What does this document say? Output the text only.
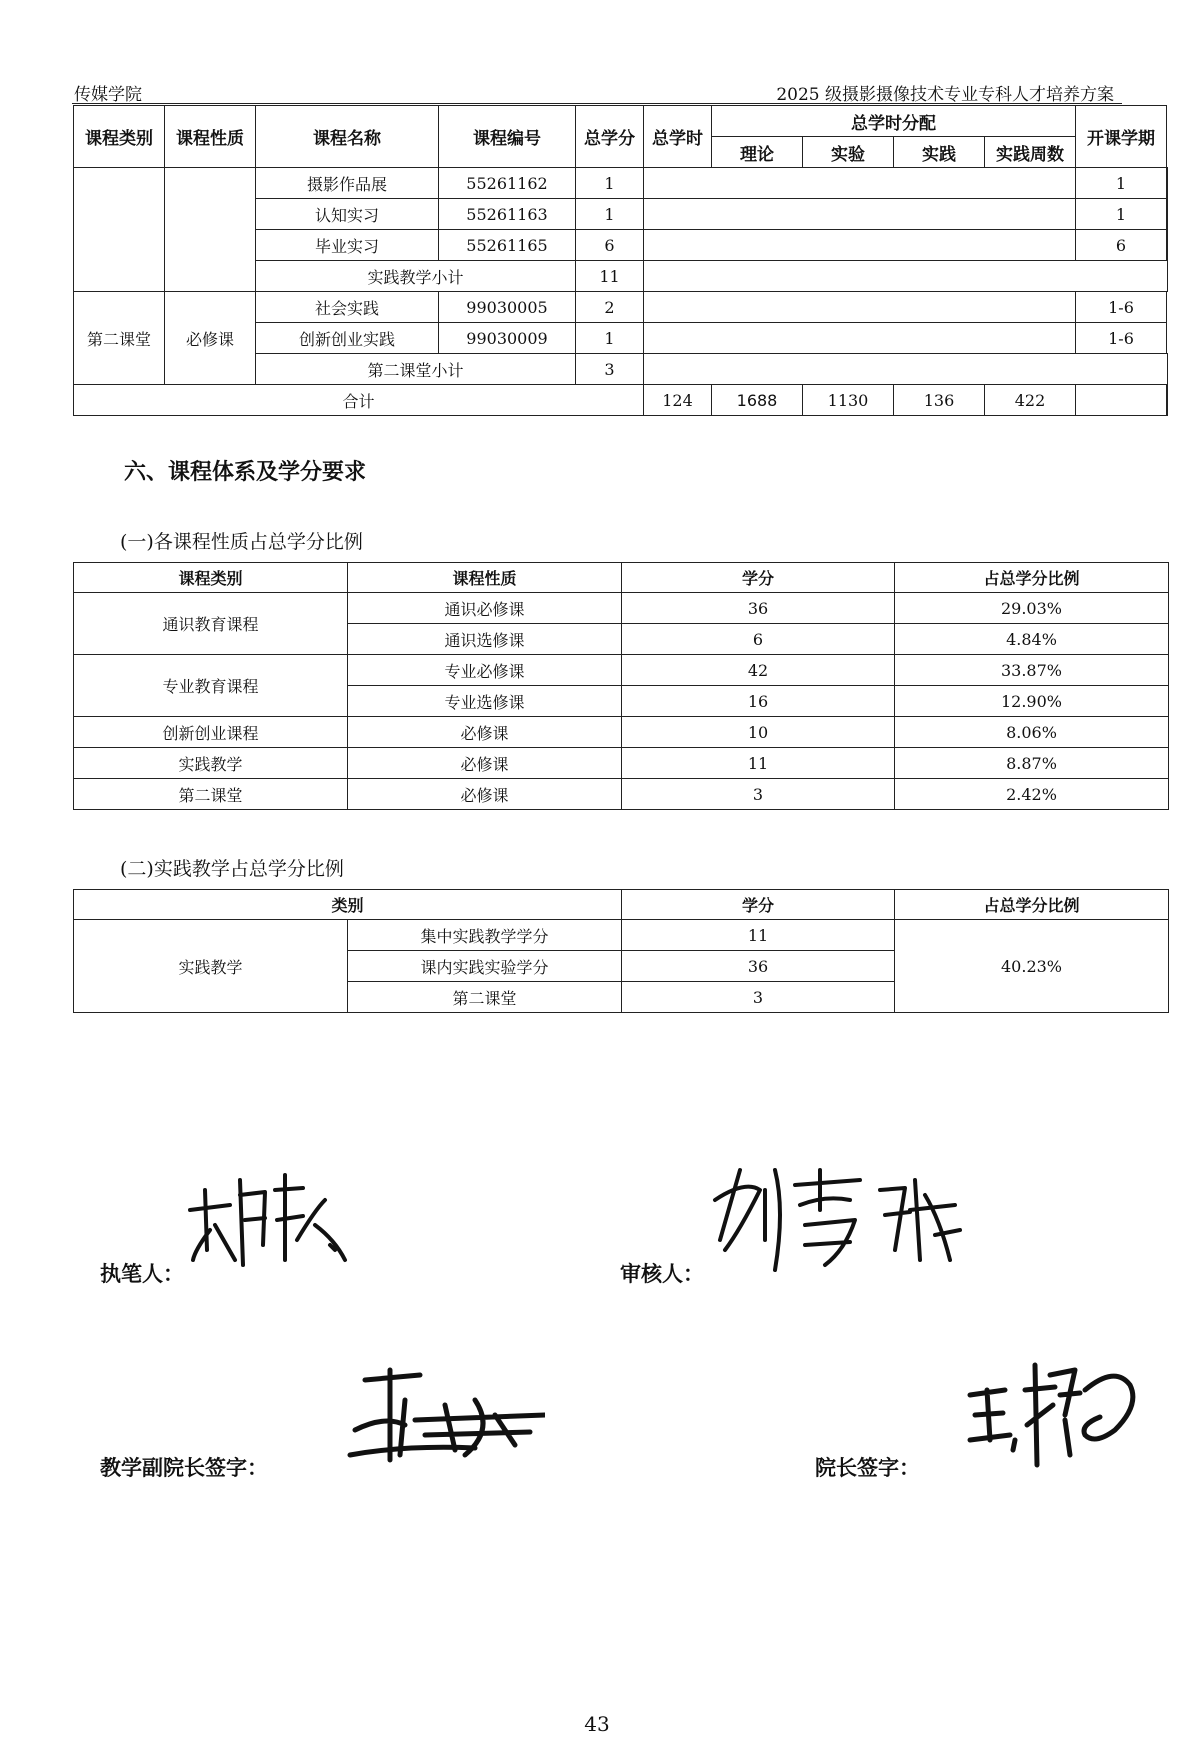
传媒学院	2025 级摄影摄像技术专业专科人才培养方案
课程类别	课程性质	课程名称	课程编号	总学分	总学时	总学时分配				开课学期	
						理论	实验	实践	实践周数		
		摄影作品展	55261162	1						1	
		认知实习	55261163	1						1	
		毕业实习	55261165	6						6	
		实践教学小计		11							
第二课堂	必修课	社会实践	99030005	2						1-6	
		创新创业实践	99030009	1						1-6	
		第二课堂小计		3							
合计					124	1688	1130	136	422		
六、课程体系及学分要求
(一)各课程性质占总学分比例
课程类别	课程性质	学分	占总学分比例
通识教育课程	通识必修课	36	29.03%
	通识选修课	6	4.84%
专业教育课程	专业必修课	42	33.87%
	专业选修课	16	12.90%
创新创业课程	必修课	10	8.06%
实践教学	必修课	11	8.87%
第二课堂	必修课	3	2.42%
(二)实践教学占总学分比例
类别		学分	占总学分比例
实践教学	集中实践教学学分	11	40.23%
	课内实践实验学分	36	
	第二课堂	3	
执笔人：	审核人：
教学副院长签字：	院长签字：
43
